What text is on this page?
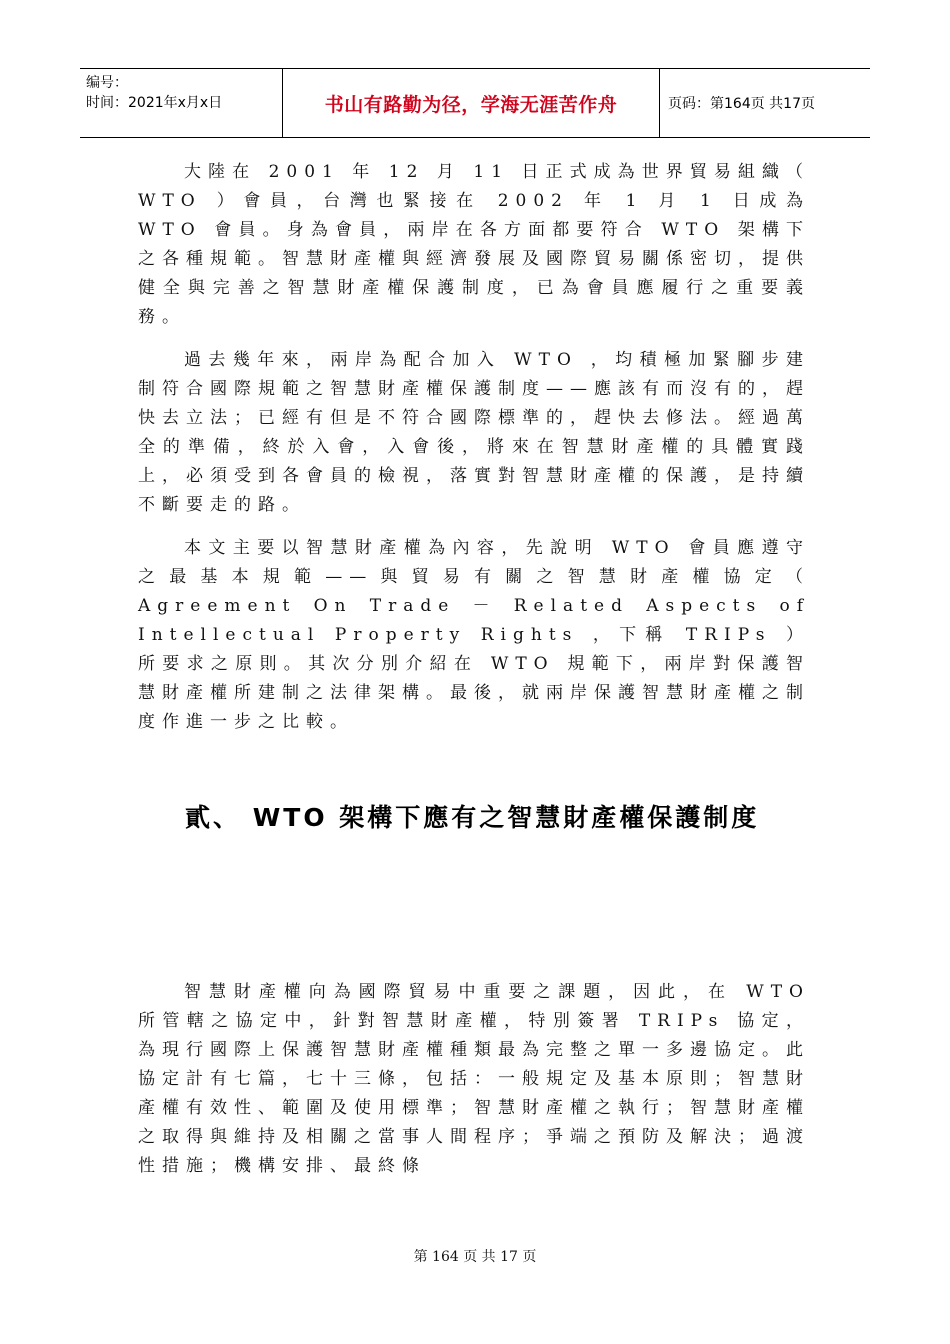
编号：
时间：2021年x月x日	书山有路勤为径，学海无涯苦作舟	页码：第164页 共17页

大陸在 2001 年 12 月 11 日正式成為世界貿易組織（ WTO ）會員，台灣也緊接在 2002 年 1 月 1 日成為 WTO 會員。身為會員，兩岸在各方面都要符合 WTO 架構下之各種規範。智慧財產權與經濟發展及國際貿易關係密切，提供健全與完善之智慧財產權保護制度，已為會員應履行之重要義務。

過去幾年來，兩岸為配合加入 WTO ，均積極加緊腳步建制符合國際規範之智慧財產權保護制度——應該有而沒有的，趕快去立法；已經有但是不符合國際標準的，趕快去修法。經過萬全的準備，終於入會，入會後，將來在智慧財產權的具體實踐上，必須受到各會員的檢視，落實對智慧財產權的保護，是持續不斷要走的路。

本文主要以智慧財產權為內容，先說明 WTO 會員應遵守之最基本規範——與貿易有關之智慧財產權協定（ Agreement On Trade － Related Aspects of Intellectual Property Rights ，下稱 TRIPs ）所要求之原則。其次分別介紹在 WTO 規範下，兩岸對保護智慧財產權所建制之法律架構。最後，就兩岸保護智慧財產權之制度作進一步之比較。

貳、 WTO 架構下應有之智慧財產權保護制度

智慧財產權向為國際貿易中重要之課題，因此，在 WTO 所管轄之協定中，針對智慧財產權，特別簽署 TRIPs 協定，為現行國際上保護智慧財產權種類最為完整之單一多邊協定。此協定計有七篇，七十三條，包括：一般規定及基本原則；智慧財產權有效性、範圍及使用標準；智慧財產權之執行；智慧財產權之取得與維持及相關之當事人間程序；爭端之預防及解決；過渡性措施；機構安排、最終條

第 164 页 共 17 页
